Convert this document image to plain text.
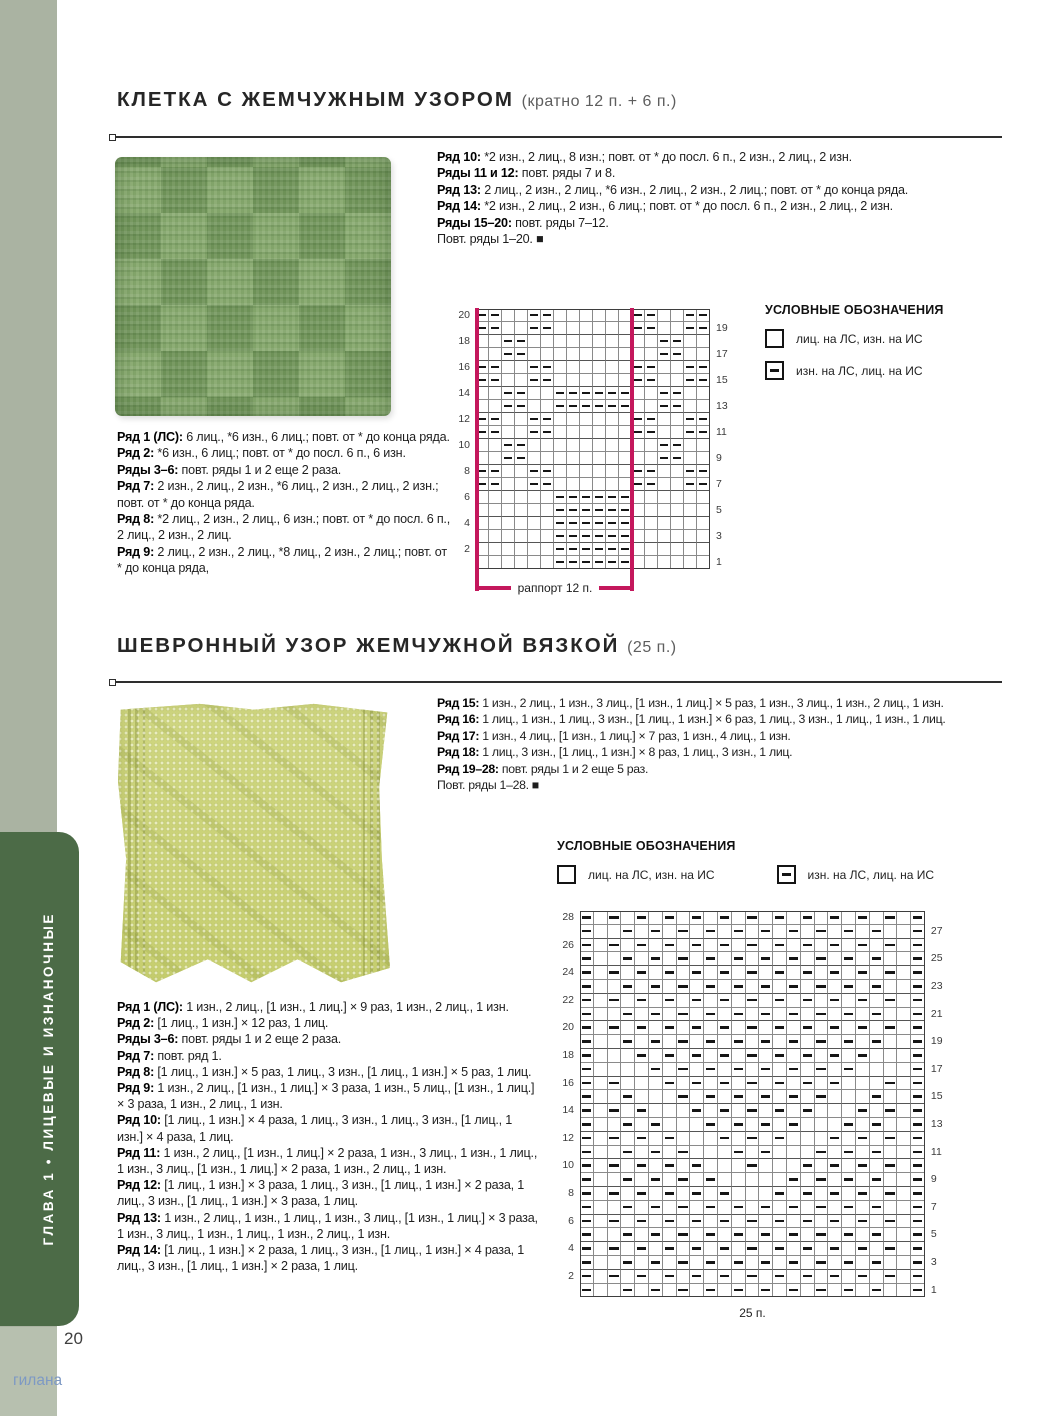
ГЛАВА 1 • ЛИЦЕВЫЕ И ИЗНАНОЧНЫЕ
КЛЕТКА С ЖЕМЧУЖНЫМ УЗОРОМ (кратно 12 п. + 6 п.)

Ряд 10: *2 изн., 2 лиц., 8 изн.; повт. от * до посл. 6 п., 2 изн., 2 лиц., 2 изн.

Ряды 11 и 12: повт. ряды 7 и 8.

Ряд 13: 2 лиц., 2 изн., 2 лиц., *6 изн., 2 лиц., 2 изн., 2 лиц.; повт. от * до конца ряда.

Ряд 14: *2 изн., 2 лиц., 2 изн., 6 лиц.; повт. от * до посл. 6 п., 2 изн., 2 лиц., 2 изн.

Ряды 15–20: повт. ряды 7–12.

Повт. ряды 1–20. ■

Ряд 1 (ЛС): 6 лиц., *6 изн., 6 лиц.; повт. от * до конца ряда.

Ряд 2: *6 изн., 6 лиц.; повт. от * до посл. 6 п., 6 изн.

Ряды 3–6: повт. ряды 1 и 2 еще 2 раза.

Ряд 7: 2 изн., 2 лиц., 2 изн., *6 лиц., 2 изн., 2 лиц., 2 изн.; повт. от * до конца ряда.

Ряд 8: *2 лиц., 2 изн., 2 лиц., 6 изн.; повт. от * до посл. 6 п., 2 лиц., 2 изн., 2 лиц.

Ряд 9: 2 лиц., 2 изн., 2 лиц., *8 лиц., 2 изн., 2 лиц.; повт. от * до конца ряда,

раппорт 12 п.
20
19
18
17
16
15
14
13
12
11
10
9
8
7
6
5
4
3
2
1

УСЛОВНЫЕ ОБОЗНАЧЕНИЯ

лиц. на ЛС, изн. на ИС
изн. на ЛС, лиц. на ИС
ШЕВРОННЫЙ УЗОР ЖЕМЧУЖНОЙ ВЯЗКОЙ (25 п.)

Ряд 15: 1 изн., 2 лиц., 1 изн., 3 лиц., [1 изн., 1 лиц.] × 5 раз, 1 изн., 3 лиц., 1 изн., 2 лиц., 1 изн.

Ряд 16: 1 лиц., 1 изн., 1 лиц., 3 изн., [1 лиц., 1 изн.] × 6 раз, 1 лиц., 3 изн., 1 лиц., 1 изн., 1 лиц.

Ряд 17: 1 изн., 4 лиц., [1 изн., 1 лиц.] × 7 раз, 1 изн., 4 лиц., 1 изн.

Ряд 18: 1 лиц., 3 изн., [1 лиц., 1 изн.] × 8 раз, 1 лиц., 3 изн., 1 лиц.

Ряд 19–28: повт. ряды 1 и 2 еще 5 раз.

Повт. ряды 1–28. ■

УСЛОВНЫЕ ОБОЗНАЧЕНИЯ

лиц. на ЛС, изн. на ИС	изн. на ЛС, лиц. на ИС
25 п.
28
27
26
25
24
23
22
21
20
19
18
17
16
15
14
13
12
11
10
9
8
7
6
5
4
3
2
1

Ряд 1 (ЛС): 1 изн., 2 лиц., [1 изн., 1 лиц.] × 9 раз, 1 изн., 2 лиц., 1 изн.

Ряд 2: [1 лиц., 1 изн.] × 12 раз, 1 лиц.

Ряды 3–6: повт. ряды 1 и 2 еще 2 раза.

Ряд 7: повт. ряд 1.

Ряд 8: [1 лиц., 1 изн.] × 5 раз, 1 лиц., 3 изн., [1 лиц., 1 изн.] × 5 раз, 1 лиц.

Ряд 9: 1 изн., 2 лиц., [1 изн., 1 лиц.] × 3 раза, 1 изн., 5 лиц., [1 изн., 1 лиц.] × 3 раза, 1 изн., 2 лиц., 1 изн.

Ряд 10: [1 лиц., 1 изн.] × 4 раза, 1 лиц., 3 изн., 1 лиц., 3 изн., [1 лиц., 1 изн.] × 4 раза, 1 лиц.

Ряд 11: 1 изн., 2 лиц., [1 изн., 1 лиц.] × 2 раза, 1 изн., 3 лиц., 1 изн., 1 лиц., 1 изн., 3 лиц., [1 изн., 1 лиц.] × 2 раза, 1 изн., 2 лиц., 1 изн.

Ряд 12: [1 лиц., 1 изн.] × 3 раза, 1 лиц., 3 изн., [1 лиц., 1 изн.] × 2 раза, 1 лиц., 3 изн., [1 лиц., 1 изн.] × 3 раза, 1 лиц.

Ряд 13: 1 изн., 2 лиц., 1 изн., 1 лиц., 1 изн., 3 лиц., [1 изн., 1 лиц.] × 3 раза, 1 изн., 3 лиц., 1 изн., 1 лиц., 1 изн., 2 лиц., 1 изн.

Ряд 14: [1 лиц., 1 изн.] × 2 раза, 1 лиц., 3 изн., [1 лиц., 1 изн.] × 4 раза, 1 лиц., 3 изн., [1 лиц., 1 изн.] × 2 раза, 1 лиц.

20
гилана
